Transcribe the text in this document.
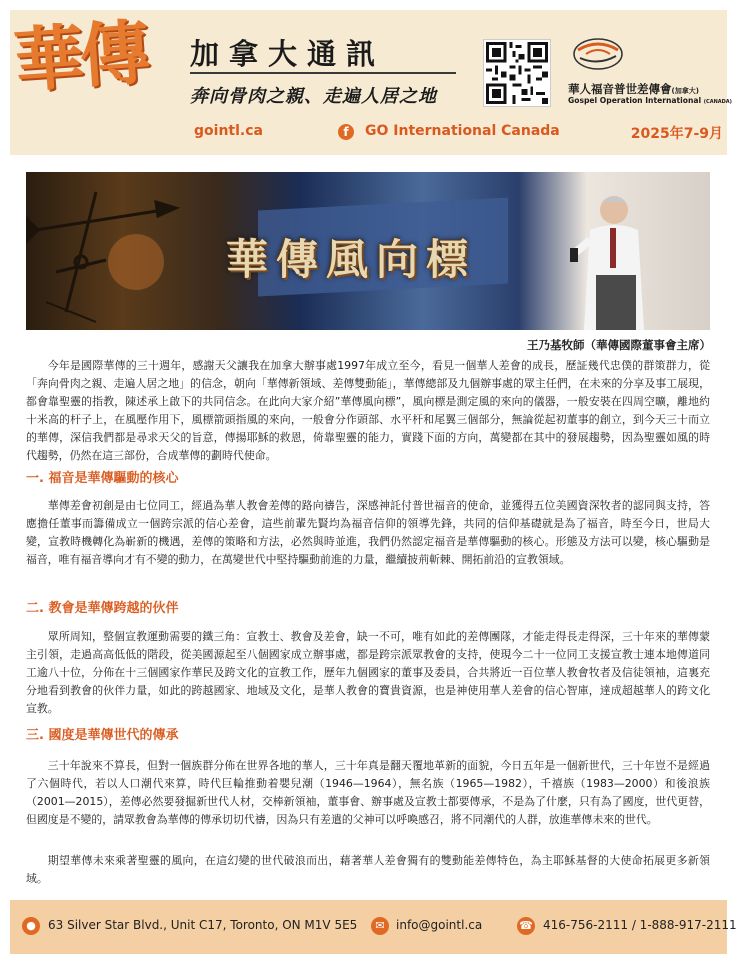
華傳 加拿大通訊
奔向骨肉之親、走遍人居之地	華人福音普世差傳會(加拿大)
Gospel Operation International (CANADA)
gointl.ca	f	GO International Canada	2025年7-9月
華傳風向標
王乃基牧師（華傳國際董事會主席）

今年是國際華傳的三十週年，感謝天父讓我在加拿大辦事處1997年成立至今，看見一個華人差會的成長，歷証幾代忠僕的群策群力，從「奔向骨肉之親、走遍人居之地」的信念，朝向「華傳新領域、差傳雙動能」，華傳總部及九個辦事處的眾主任們，在未來的分享及事工展現，都會靠聖靈的指教，陳述承上啟下的共同信念。在此向大家介紹”華傳風向標”，風向標是測定風的來向的儀器，一般安裝在四周空曠，離地約十米高的杆子上，在風壓作用下，風標箭頭指風的來向，一般會分作頭部、水平杆和尾翼三個部分，無論從起初董事的創立，到今天三十而立的華傳，深信我們都是尋求天父的旨意，傳揚耶穌的救恩，倚靠聖靈的能力，實踐下面的方向，萬變都在其中的發展趨勢，因為聖靈如風的時代趨勢，仍然在這三部份，合成華傳的劃時代使命。

一. 福音是華傳驅動的核心

華傳差會初創是由七位同工，經過為華人教會差傳的路向禱告，深感神託付普世福音的使命，並獲得五位美國資深牧者的認同與支持，答應擔任董事而籌備成立一個跨宗派的信心差會，這些前輩先賢均為福音信仰的領導先鋒，共同的信仰基礎就是為了福音，時至今日，世局大變，宣教時機轉化為嶄新的機遇，差傳的策略和方法，必然與時並進，我們仍然認定福音是華傳驅動的核心。形態及方法可以變，核心驅動是福音，唯有福音導向才有不變的動力，在萬變世代中堅持驅動前進的力量，繼續披荊斬棘、開拓前沿的宣教領域。

二. 教會是華傳跨越的伙伴

眾所周知，整個宣教運動需要的鐵三角：宣教士、教會及差會，缺一不可，唯有如此的差傳團隊，才能走得長走得深，三十年來的華傳蒙主引領，走過高高低低的階段，從美國源起至八個國家成立辦事處，都是跨宗派眾教會的支持，使現今二十一位同工支援宣教士連本地傳道同工逾八十位，分佈在十三個國家作華民及跨文化的宣教工作，歷年九個國家的董事及委員，合共將近一百位華人教會牧者及信徒領袖，這裏充分地看到教會的伙伴力量，如此的跨越國家、地域及文化，是華人教會的寶貴資源，也是神使用華人差會的信心智庫，達成超越華人的跨文化宣教。

三. 國度是華傳世代的傳承

三十年說來不算長，但對一個族群分佈在世界各地的華人，三十年真是翻天覆地革新的面貌，今日五年是一個新世代，三十年豈不是經過了六個時代，若以人口潮代來算，時代巨輪推動着嬰兒潮（1946—1964），無名族（1965—1982），千禧族（1983—2000）和後浪族（2001—2015），差傳必然要發掘新世代人材，交棒新領袖，董事會、辦事處及宣教士都要傳承，不是為了什麼，只有為了國度，世代更替，但國度是不變的，請眾教會為華傳的傳承切切代禱，因為只有差遣的父神可以呼喚感召，將不同潮代的人群，放進華傳未來的世代。

期望華傳未來乘著聖靈的風向，在這幻變的世代破浪而出，藉著華人差會獨有的雙動能差傳特色，為主耶穌基督的大使命拓展更多新領域。

●	63 Silver Star Blvd., Unit C17, Toronto, ON M1V 5E5	✉ info@gointl.ca	☎ 416-756-2111 / 1-888-917-2111
